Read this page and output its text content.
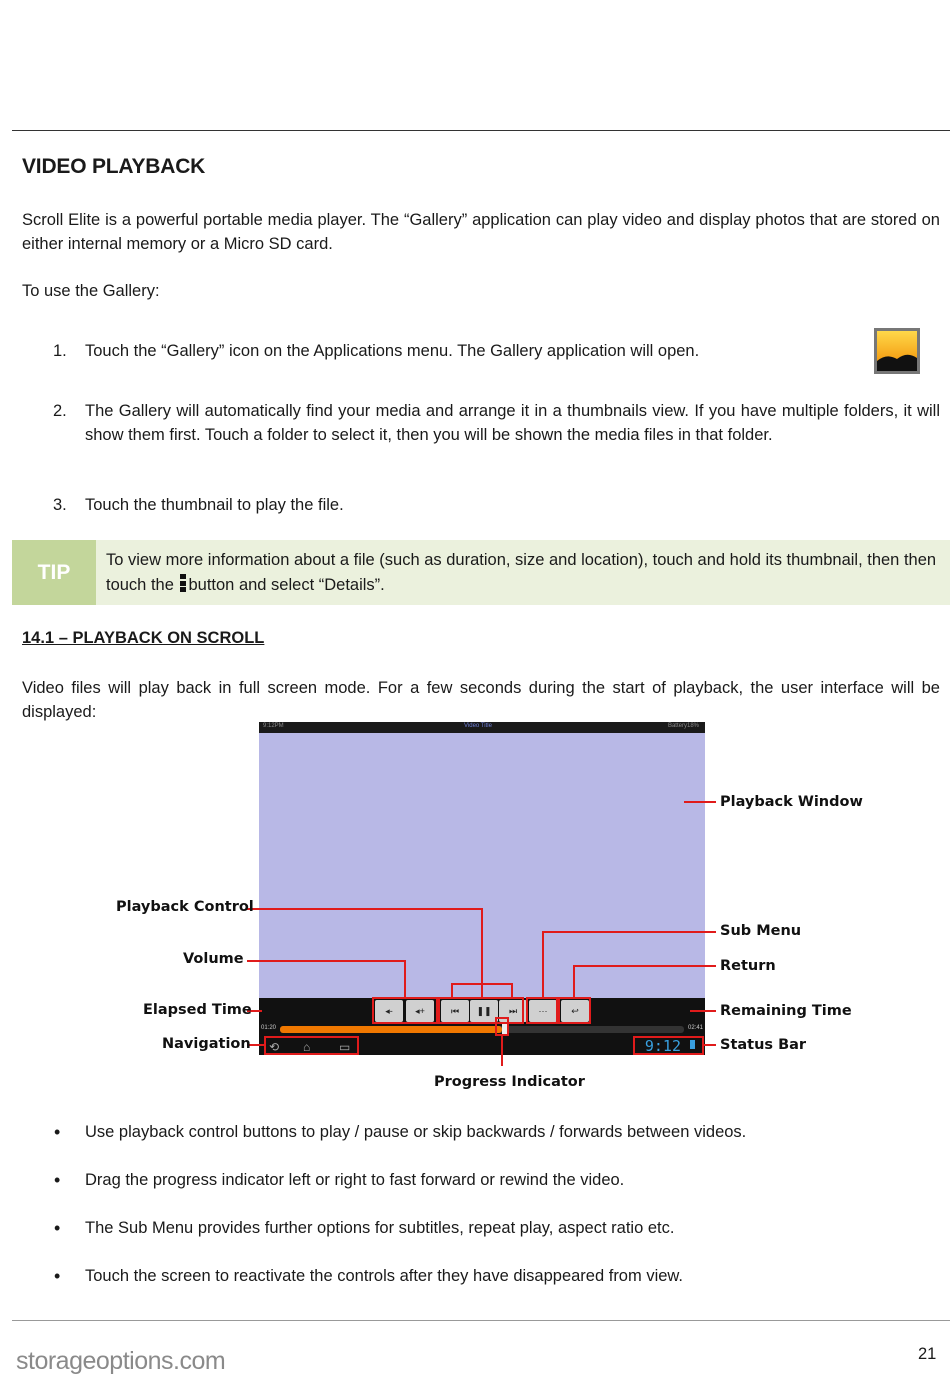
VIDEO PLAYBACK
Scroll Elite is a powerful portable media player. The “Gallery” application can play video and display photos that are stored on either internal memory or a Micro SD card.
To use the Gallery:
1. Touch the “Gallery” icon on the Applications menu. The Gallery application will open.
2. The Gallery will automatically find your media and arrange it in a thumbnails view. If you have multiple folders, it will show them first. Touch a folder to select it, then you will be shown the media files in that folder.
3. Touch the thumbnail to play the file.
TIP
To view more information about a file (such as duration, size and location), touch and hold its thumbnail, then then touch the button and select “Details”.
14.1 – PLAYBACK ON SCROLL
Video files will play back in full screen mode. For a few seconds during the start of playback, the user interface will be displayed:
9:12PM	Video Title	Battery18%
◂-	◂+	⏮	❚❚	⏭	···	↩
01:20	02:41
⟲ ⌂ ▭	9:12
Playback Window
Playback Control
Volume
Elapsed Time
Navigation
Sub Menu
Return
Remaining Time
Status Bar
Progress Indicator
• Use playback control buttons to play / pause or skip backwards / forwards between videos.
• Drag the progress indicator left or right to fast forward or rewind the video.
• The Sub Menu provides further options for subtitles, repeat play, aspect ratio etc.
• Touch the screen to reactivate the controls after they have disappeared from view.
storageoptions.com	21
